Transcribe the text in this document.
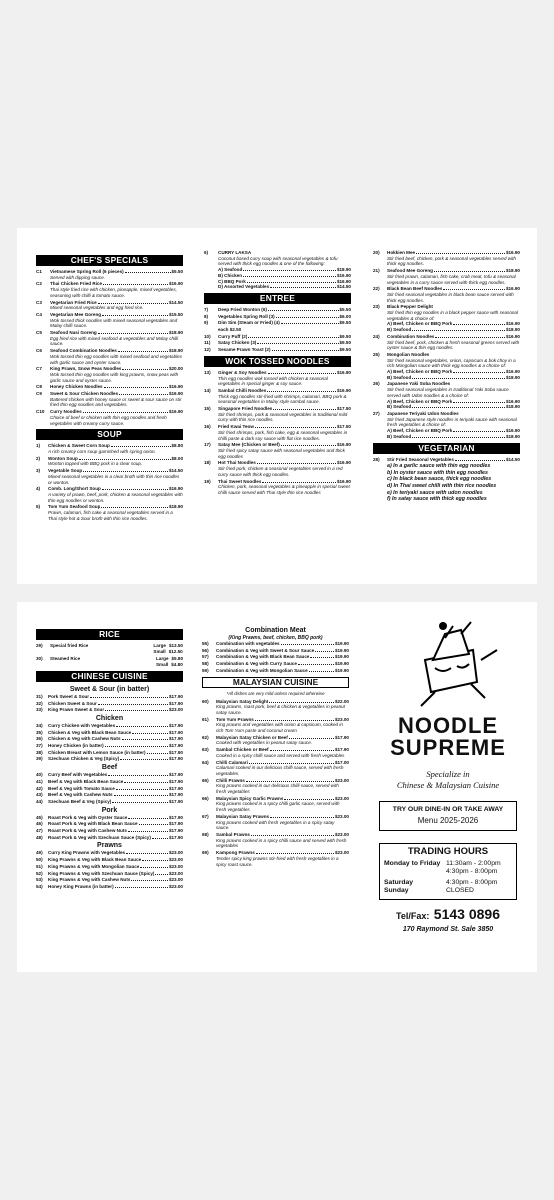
CHEF'S SPECIALS
C1 Vietnamese Spring Roll (6 pieces)	$5.50
Served with dipping sauce.
C2 Thai Chicken Fried Rice	$16.90
Thai style fried rice with chicken, pineapple, mixed vegetables, seasoning with chilli & tomato sauce.
C3 Vegetarian Fried Rice	$14.50
Mixed seasonal vegetables and egg fried rice.
C4 Vegetarian Mee Goreng	$15.50
Wok tossed thick noodles with mixed seasonal vegetables and Malay chilli sauce.
C5 Seafood Nasi Goreng	$18.90
Egg fried rice with mixed seafood & vegetables and Malay chilli sauce.
C6 Seafood Combination Noodles	$18.90
Wok tossed thin egg noodles with mixed seafood and vegetables with garlic sauce and oyster sauce.
C7 King Prawn, Snow Peas Noodles	$20.00
Wok tossed thin egg noodles with king prawns, snow peas with garlic sauce and oyster sauce.
C8 Honey Chicken Noodles	$16.90
C9 Sweet & Sour Chicken Noodles	$16.90
Battered chicken with honey sauce or sweet & sour sauce on stir fried thin egg noodles and vegetables.
C10 Curry Noodles	$16.90
Choice of beef or chicken with thin egg noodles and fresh vegetables with creamy curry sauce.
SOUP
1) Chicken & Sweet Corn Soup	$8.80
A rich creamy corn soup garnished with spring onion.
2) Wonton Soup	$8.00
Wonton topped with BBQ pork in a clear soup.
3) Vegetable Soup	$14.50
Mixed seasonal vegetables in a clear broth with thin rice noodles or wonton.
4) Comb. Long/Short Soup	$16.90
A variety of prawn, beef, pork, chicken & seasonal vegetables with thin egg noodles or wonton.
5) Tom Yum Seafood Soup	$18.90
Prawn, calamari, fish cake & seasonal vegetables served in a Thai style hot & Sour broth with thin rice noodles.
6) CURRY LAKSA
Coconut based curry soup with seasonal vegetables & tofu served with thick egg noodles & one of the following:
A) Seafood	$18.90
B) Chicken	$16.90
C) BBQ Pork	$16.90
D) Assorted Vegetables	$14.50
ENTREE
7) Deep Fried Wonton (6)	$5.50
8) Vegetables Spring Roll (3)	$6.00
9) Dim Sim (Steam or Fried) (4)	$9.50
each $2.50
10) Curry Puff (2)	$9.50
11) Satay Chicken (3)	$9.50
12) Sesame Prawn Toast (2)	$9.50
WOK TOSSED NOODLES
13) Ginger & Soy Noodles	$16.90
Thin egg noodles wok tossed with chicken & seasonal vegetables in special ginger & soy sauce.
14) Sambal Chilli Noodles	$16.90
Thick egg noodles stir-fried with shrimps, calamari, BBQ pork & seasonal vegetables in Malay style sambal sauce.
15) Singapore Fried Noodles	$17.50
Stir fried shrimps, pork & seasonal vegetables in traditional mild curry with thin rice noodles.
16) Fried Kwai Teow	$17.50
Stir fried shrimps, pork, fish cake, egg & seasonal vegetables in chilli paste & dark soy sauce with flat rice noodles.
17) Satay Mee (Chicken or Beef)	$16.90
Stir fried spicy satay sauce with seasonal vegetables and thick egg noodles
18) Hot Thai Noodles	$16.90
Stir fried pork, chicken & seasonal vegetables served in a red curry sauce with thick egg noodles.
19) Thai Sweet Noodles	$16.90
Chicken, pork, seasonal vegetables & pineapple in special sweet chilli sauce served with Thai style thin rice noodles
20) Hokkien Mee	$16.90
Stir fried beef, chicken, pork & seasonal vegetables served with thick egg noodles.
21) Seafood Mee Goreng	$18.90
Stir fried prawn, calamari, fish cake, crab meat, tofu & seasonal vegetables in a curry sauce served with thick egg noodles.
22) Black Bean Beef Noodles	$16.90
Stir fried seasonal vegetables in black bean sauce served with thick egg noodles.
23) Black Pepper Delight
Stir fried thin egg noodles in a black pepper sauce with seasonal vegetables & choice of:
A) Beef, Chicken or BBQ Pork	$16.90
B) Seafood	$18.90
24) Combination Noodles	$16.90
Stir fried beef, pork, chicken & fresh seasonal greens served with oyster sauce & thin egg noodles.
25) Mongolian Noodles
Stir fried seasonal vegetables, onion, capsicum & bok choy in a rich Mongolian sauce with thick egg noodles & a choice of:
A) Beef, Chicken or BBQ Pork	$16.90
B) Seafood	$18.90
26) Japanese Yaki Soba Noodles
Stir fried seasonal vegetables in traditional Yaki Soba sauce served with Udon noodles & a choice of:
A) Beef, Chicken or BBQ Pork	$16.90
B) Seafood	$18.90
27) Japanese Teriyaki Udon Noodles
Stir fried Japanese style noodles in teriyaki sauce with seasonal fresh vegetables & choice of:
A) Beef, Chicken or BBQ Pork	$16.90
B) Seafood	$18.90
VEGETARIAN
28) Stir Fried Seasonal Vegetables	$14.50
a) In a garlic sauce with thin egg noodles
b) In oyster sauce with thin egg noodles
c) In black bean sauce, thick egg noodles
d) In Thai sweet chilli with thin rice noodles
e) In teriyaki sauce with udon noodles
f) In satay sauce with thick egg noodles
RICE
29) Special fried Rice	Large $13.50
Small $12.50
30) Steamed Rice	Large $5.80
Small $4.80
CHINESE CUISINE
Sweet & Sour (in batter)
31) Pork Sweet & Sour	$17.90
32) Chicken Sweet & Sour	$17.90
33) King Prawn Sweet & Sour	$23.00
Chicken
34) Curry Chicken with Vegetables	$17.90
35) Chicken & Veg with Black Bean Sauce	$17.90
36) Chicken & Veg with Cashew Nuts	$17.90
37) Honey Chicken (in batter)	$17.90
38) Chicken Breast with Lemon Sauce (in batter)	$17.90
39) Szechuan Chicken & Veg (Spicy)	$17.90
Beef
40) Curry Beef with Vegetables	$17.90
41) Beef & Veg with Black Bean Sauce	$17.90
42) Beef & Veg with Tomato Sauce	$17.90
43) Beef & Veg with Cashew Nuts	$17.90
44) Szechuan Beef & Veg (Spicy)	$17.90
Pork
45) Roast Pork & Veg with Oyster Sauce	$17.90
46) Roast Pork & Veg with Black Bean Sauce	$17.90
47) Roast Pork & Veg with Cashew Nuts	$17.90
48) Roast Pork & Veg with Szechuan Sauce (Spicy)	$17.90
Prawns
49) Curry King Prawns with Vegetables	$23.00
50) King Prawns & Veg with Black Bean Sauce	$23.00
51) King Prawns & Veg with Mongolian Sauce	$23.00
52) King Prawns & Veg with Szechuan Sauce (Spicy)	$23.00
53) King Prawns & Veg with Cashew Nuts	$23.00
54) Honey King Prawns (in batter)	$23.00
Combination Meat
(King Prawns, beef, chicken, BBQ pork)
55) Combination with vegetables	$19.90
56) Combination & Veg with Sweet & Sour Sauce	$19.90
57) Combination & Veg with Black Bean Sauce	$19.90
58) Combination & Veg with Curry Sauce	$19.90
59) Combination & Veg with Mongolian Sauce	$19.90
MALAYSIAN CUISINE
*All dishes are very mild unless required otherwise
60) Malaysian Satay Delight	$22.00
King prawns, roast pork, beef & chicken & vegetables in peanut satay sauce.
61) Tom Yum Prawns	$23.00
King prawns and vegetables with onion & capsicum, cooked in rich Tom Yum paste and coconut cream
62) Malaysian Satay Chicken or Beef	$17.90
Cooked with vegetables in peanut satay sauce.
63) Sambal Chicken or Beef	$17.90
Cooked in a spicy chilli sauce and served with fresh vegetables
64) Chilli Calamari	$17.00
Calamari cooked in our delicious chilli sauce, served with fresh vegetables.
65) Chilli Prawns	$23.00
King prawns cooked in our delicious chilli sauce, served with fresh vegetables
66) Malaysian Spicy Garlic Prawns	$23.00
King prawns cooked in a spicy chilli garlic sauce, served with fresh vegetables
67) Malaysian Satay Prawns	$23.00
King prawns cooked with fresh vegetables in a spicy satay sauce.
68) Sambal Prawns	$23.00
King prawns cooked in a spicy chilli sauce and served with fresh vegetables
69) Kampong Prawns	$23.00
Tender spicy king prawns stir-fried with fresh vegetables in a spicy roast sauce.
NOODLE
SUPREME
Specialize in
Chinese & Malaysian Cuisine
TRY OUR DINE-IN OR TAKE AWAY
Menu 2025-2026
TRADING HOURS
Monday to Friday 11:30am - 2:00pm
4:30pm - 8:00pm
Saturday
Sunday
4:30pm - 8:00pm
CLOSED
Tel/Fax: 5143 0896
170 Raymond St. Sale 3850
